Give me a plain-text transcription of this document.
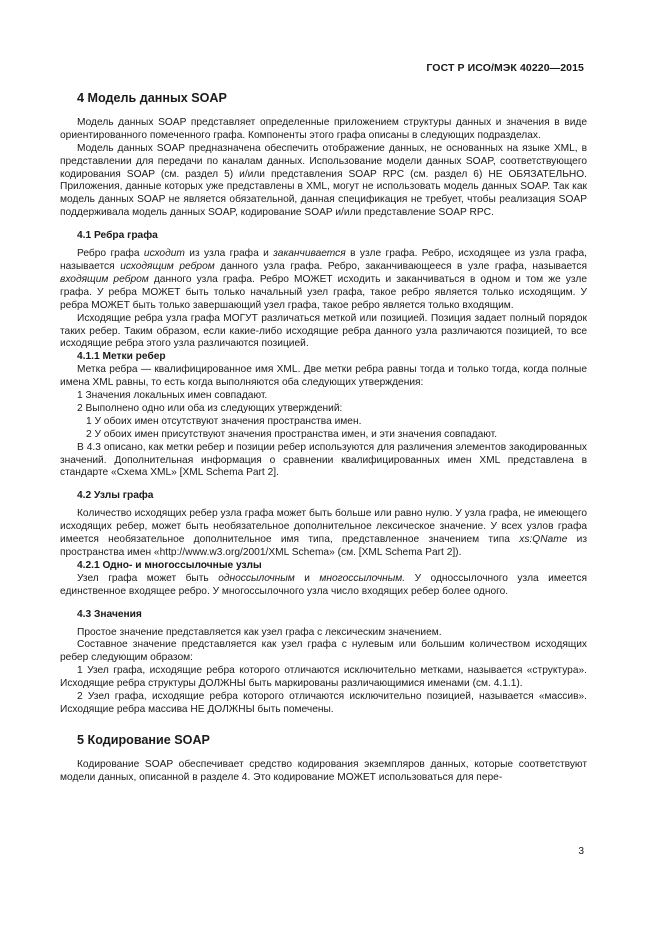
ГОСТ Р ИСО/МЭК 40220—2015
4 Модель данных SOAP

Модель данных SOAP представляет определенные приложением структуры данных и значения в виде ориентированного помеченного графа. Компоненты этого графа описаны в следующих подразделах.

Модель данных SOAP предназначена обеспечить отображение данных, не основанных на языке XML, в представлении для передачи по каналам данных. Использование модели данных SOAP, соответствующего кодирования SOAP (см. раздел 5) и/или представления SOAP RPC (см. раздел 6) НЕ ОБЯЗАТЕЛЬНО. Приложения, данные которых уже представлены в XML, могут не использовать модель данных SOAP. Так как модель данных SOAP не является обязательной, данная спецификация не требует, чтобы реализация SOAP поддерживала модель данных SOAP, кодирование SOAP и/или представление SOAP RPC.

4.1 Ребра графа

Ребро графа исходит из узла графа и заканчивается в узле графа. Ребро, исходящее из узла графа, называется исходящим ребром данного узла графа. Ребро, заканчивающееся в узле графа, называется входящим ребром данного узла графа. Ребро МОЖЕТ исходить и заканчиваться в одном и том же узле графа. У ребра МОЖЕТ быть только начальный узел графа, такое ребро является только исходящим. У ребра МОЖЕТ быть только завершающий узел графа, такое ребро является только входящим.

Исходящие ребра узла графа МОГУТ различаться меткой или позицией. Позиция задает полный порядок таких ребер. Таким образом, если какие-либо исходящие ребра данного узла различаются позицией, то все исходящие ребра этого узла различаются позицией.

4.1.1 Метки ребер

Метка ребра — квалифицированное имя XML. Две метки ребра равны тогда и только тогда, когда полные имена XML равны, то есть когда выполняются оба следующих утверждения:

1 Значения локальных имен совпадают.
2 Выполнено одно или оба из следующих утверждений:
1 У обоих имен отсутствуют значения пространства имен.
2 У обоих имен присутствуют значения пространства имен, и эти значения совпадают.

В 4.3 описано, как метки ребер и позиции ребер используются для различения элементов закодированных значений. Дополнительная информация о сравнении квалифицированных имен XML представлена в стандарте «Схема XML» [XML Schema Part 2].

4.2 Узлы графа

Количество исходящих ребер узла графа может быть больше или равно нулю. У узла графа, не имеющего исходящих ребер, может быть необязательное дополнительное лексическое значение. У всех узлов графа имеется необязательное дополнительное имя типа, представленное значением типа xs:QName из пространства имен «http://www.w3.org/2001/XML Schema» (см. [XML Schema Part 2]).

4.2.1 Одно- и многоссылочные узлы

Узел графа может быть односсылочным и многоссылочным. У односсылочного узла имеется единственное входящее ребро. У многоссылочного узла число входящих ребер более одного.

4.3 Значения

Простое значение представляется как узел графа с лексическим значением.

Составное значение представляется как узел графа с нулевым или большим количеством исходящих ребер следующим образом:

1 Узел графа, исходящие ребра которого отличаются исключительно метками, называется «структура». Исходящие ребра структуры ДОЛЖНЫ быть маркированы различающимися именами (см. 4.1.1).

2 Узел графа, исходящие ребра которого отличаются исключительно позицией, называется «массив». Исходящие ребра массива НЕ ДОЛЖНЫ быть помечены.

5 Кодирование SOAP

Кодирование SOAP обеспечивает средство кодирования экземпляров данных, которые соответствуют модели данных, описанной в разделе 4. Это кодирование МОЖЕТ использоваться для пере-

3
